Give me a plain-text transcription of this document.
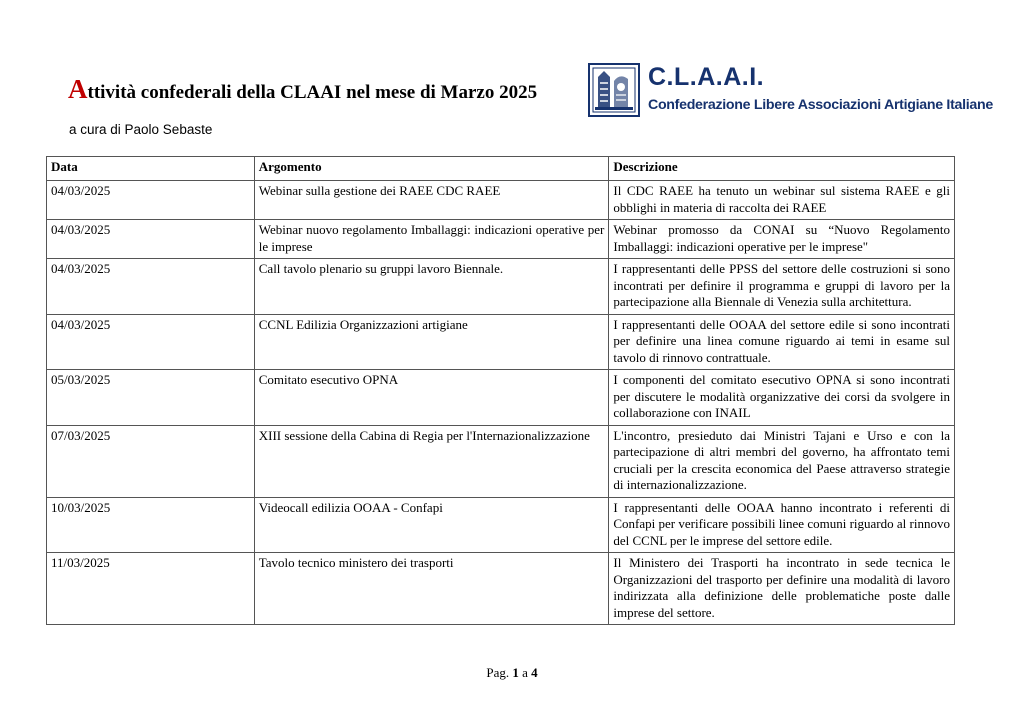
Attività confederali della CLAAI nel mese di Marzo 2025
a cura di Paolo Sebaste
C.L.A.A.I.
Confederazione Libere Associazioni Artigiane Italiane
Data	Argomento	Descrizione
04/03/2025	Webinar sulla gestione dei RAEE CDC RAEE	Il CDC RAEE ha tenuto un webinar sul sistema RAEE e gli obblighi in materia di raccolta dei RAEE
04/03/2025	Webinar nuovo regolamento Imballaggi: indicazioni operative per le imprese	Webinar promosso da CONAI su “Nuovo Regolamento Imballaggi: indicazioni operative per le imprese"
04/03/2025	Call tavolo plenario su gruppi lavoro Biennale.	I rappresentanti delle PPSS del settore delle costruzioni si sono incontrati per definire il programma e gruppi di lavoro per la partecipazione alla Biennale di Venezia sulla architettura.
04/03/2025	CCNL Edilizia Organizzazioni artigiane	I rappresentanti delle OOAA del settore edile si sono incontrati per definire una linea comune riguardo ai temi in esame sul tavolo di rinnovo contrattuale.
05/03/2025	Comitato esecutivo OPNA	I componenti del comitato esecutivo OPNA si sono incontrati per discutere le modalità organizzative dei corsi da svolgere in collaborazione con INAIL
07/03/2025	XIII sessione della Cabina di Regia per l'Internazionalizzazione	L'incontro, presieduto dai Ministri Tajani e Urso e con la partecipazione di altri membri del governo, ha affrontato temi cruciali per la crescita economica del Paese attraverso strategie di internazionalizzazione.
10/03/2025	Videocall edilizia OOAA - Confapi	I rappresentanti delle OOAA hanno incontrato i referenti di Confapi per verificare possibili linee comuni riguardo al rinnovo del CCNL per le imprese del settore edile.
11/03/2025	Tavolo tecnico ministero dei trasporti	Il Ministero dei Trasporti ha incontrato in sede tecnica le Organizzazioni del trasporto per definire una modalità di lavoro indirizzata alla definizione delle problematiche poste dalle imprese del settore.
Pag. 1 a 4
